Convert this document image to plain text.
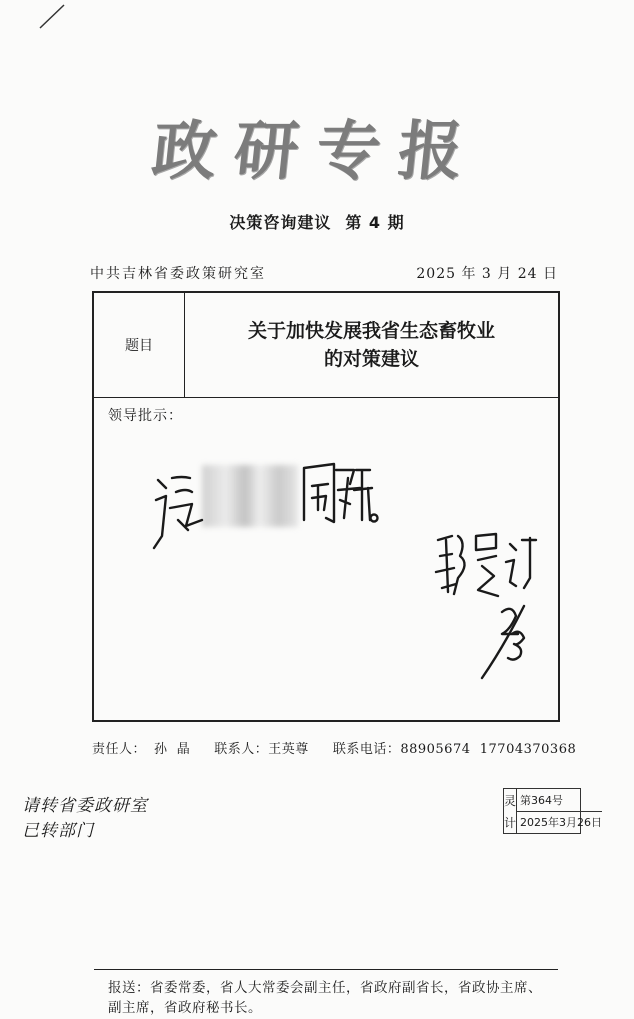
政研专报
决策咨询建议 第 4 期
中共吉林省委政策研究室	2025 年 3 月 24 日
题目
关于加快发展我省生态畜牧业
的对策建议
领导批示：
报送：省委常委，省人大常委会副主任，省政府副省长，省政协主席、副主席，省政府秘书长。
责任人： 孙  晶 联系人：王英尊 联系电话：88905674  17704370368
请转省委政研室
已转部门
灵
计
第364号
2025年3月26日
